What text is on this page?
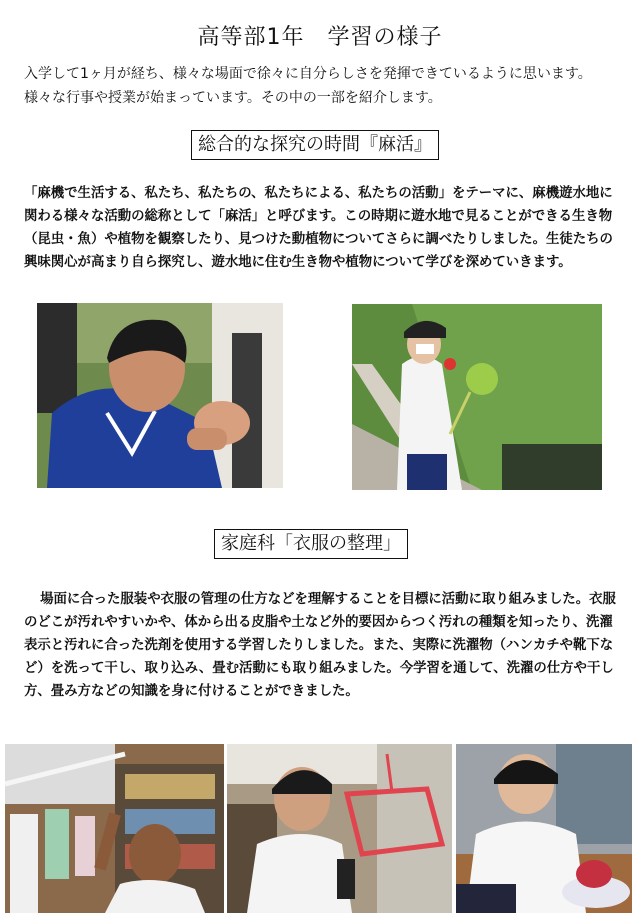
高等部1年　学習の様子

入学して1ヶ月が経ち、様々な場面で徐々に自分らしさを発揮できているように思います。様々な行事や授業が始まっています。その中の一部を紹介します。

総合的な探究の時間『麻活』

「麻機で生活する、私たち、私たちの、私たちによる、私たちの活動」をテーマに、麻機遊水地に関わる様々な活動の総称として「麻活」と呼びます。この時期に遊水地で見ることができる生き物（昆虫・魚）や植物を観察したり、見つけた動植物についてさらに調べたりしました。生徒たちの興味関心が高まり自ら探究し、遊水地に住む生き物や植物について学びを深めていきます。

家庭科「衣服の整理」

場面に合った服装や衣服の管理の仕方などを理解することを目標に活動に取り組みました。衣服のどこが汚れやすいかや、体から出る皮脂や土など外的要因からつく汚れの種類を知ったり、洗濯表示と汚れに合った洗剤を使用する学習したりしました。また、実際に洗濯物（ハンカチや靴下など）を洗って干し、取り込み、畳む活動にも取り組みました。今学習を通して、洗濯の仕方や干し方、畳み方などの知識を身に付けることができました。
